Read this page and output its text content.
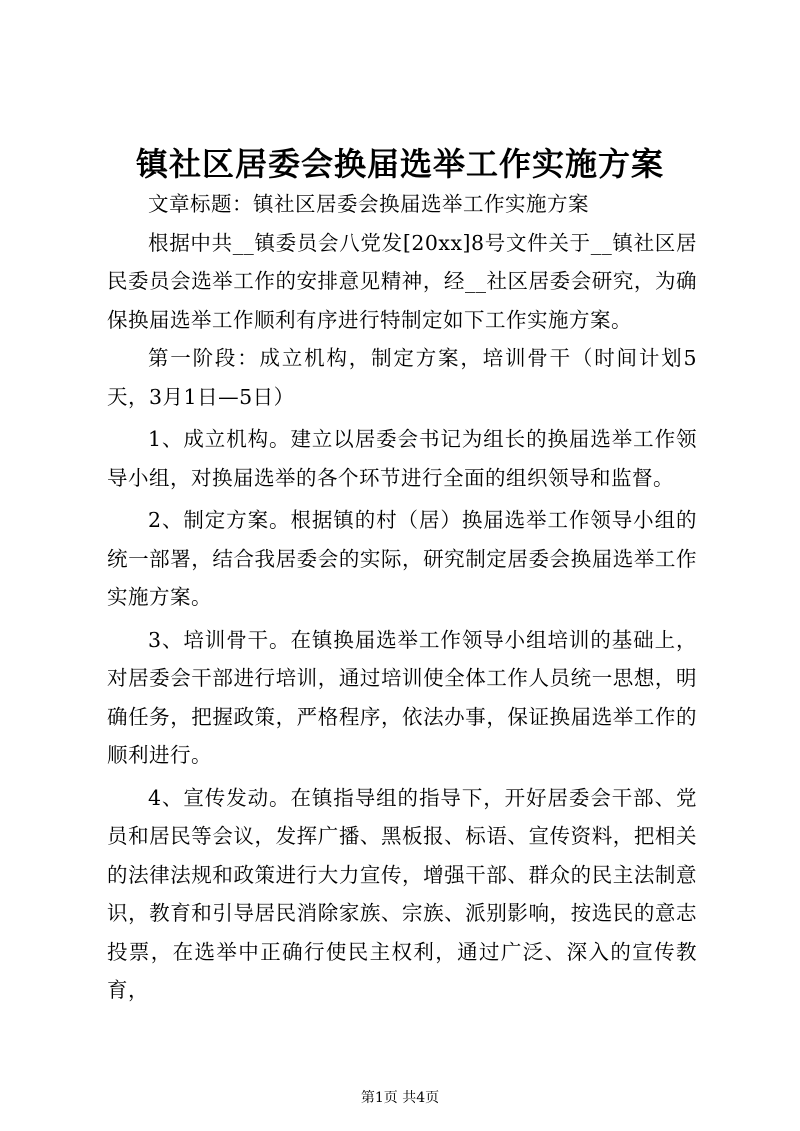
镇社区居委会换届选举工作实施方案

文章标题：镇社区居委会换届选举工作实施方案

根据中共__镇委员会八党发[20xx]8号文件关于__镇社区居民委员会选举工作的安排意见精神，经__社区居委会研究，为确保换届选举工作顺利有序进行特制定如下工作实施方案。

第一阶段：成立机构，制定方案，培训骨干（时间计划5天，3月1日—5日）

1、成立机构。建立以居委会书记为组长的换届选举工作领导小组，对换届选举的各个环节进行全面的组织领导和监督。

2、制定方案。根据镇的村（居）换届选举工作领导小组的统一部署，结合我居委会的实际，研究制定居委会换届选举工作实施方案。

3、培训骨干。在镇换届选举工作领导小组培训的基础上，对居委会干部进行培训，通过培训使全体工作人员统一思想，明确任务，把握政策，严格程序，依法办事，保证换届选举工作的顺利进行。

4、宣传发动。在镇指导组的指导下，开好居委会干部、党员和居民等会议，发挥广播、黑板报、标语、宣传资料，把相关的法律法规和政策进行大力宣传，增强干部、群众的民主法制意识，教育和引导居民消除家族、宗族、派别影响，按选民的意志投票，在选举中正确行使民主权利，通过广泛、深入的宣传教育，

第1页 共4页
